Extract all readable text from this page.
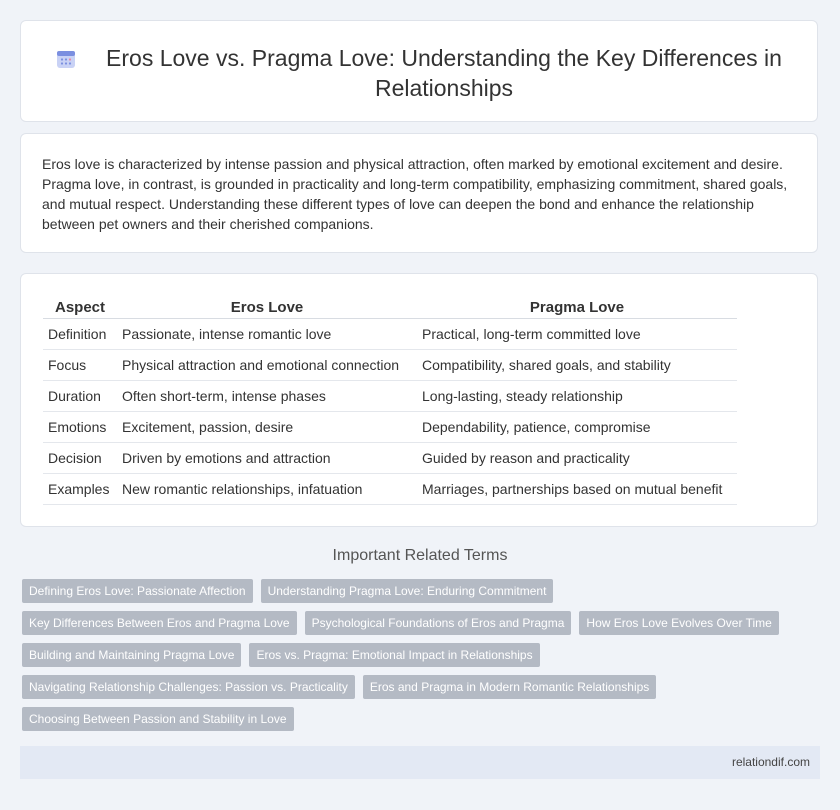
Eros Love vs. Pragma Love: Understanding the Key Differences in Relationships

Eros love is characterized by intense passion and physical attraction, often marked by emotional excitement and desire. Pragma love, in contrast, is grounded in practicality and long-term compatibility, emphasizing commitment, shared goals, and mutual respect. Understanding these different types of love can deepen the bond and enhance the relationship between pet owners and their cherished companions.

Aspect	Eros Love	Pragma Love
Definition	Passionate, intense romantic love	Practical, long-term committed love
Focus	Physical attraction and emotional connection	Compatibility, shared goals, and stability
Duration	Often short-term, intense phases	Long-lasting, steady relationship
Emotions	Excitement, passion, desire	Dependability, patience, compromise
Decision	Driven by emotions and attraction	Guided by reason and practicality
Examples	New romantic relationships, infatuation	Marriages, partnerships based on mutual benefit
Important Related Terms
Defining Eros Love: Passionate Affection	Understanding Pragma Love: Enduring Commitment
Key Differences Between Eros and Pragma Love	Psychological Foundations of Eros and Pragma	How Eros Love Evolves Over Time
Building and Maintaining Pragma Love	Eros vs. Pragma: Emotional Impact in Relationships
Navigating Relationship Challenges: Passion vs. Practicality	Eros and Pragma in Modern Romantic Relationships
Choosing Between Passion and Stability in Love
relationdif.com
